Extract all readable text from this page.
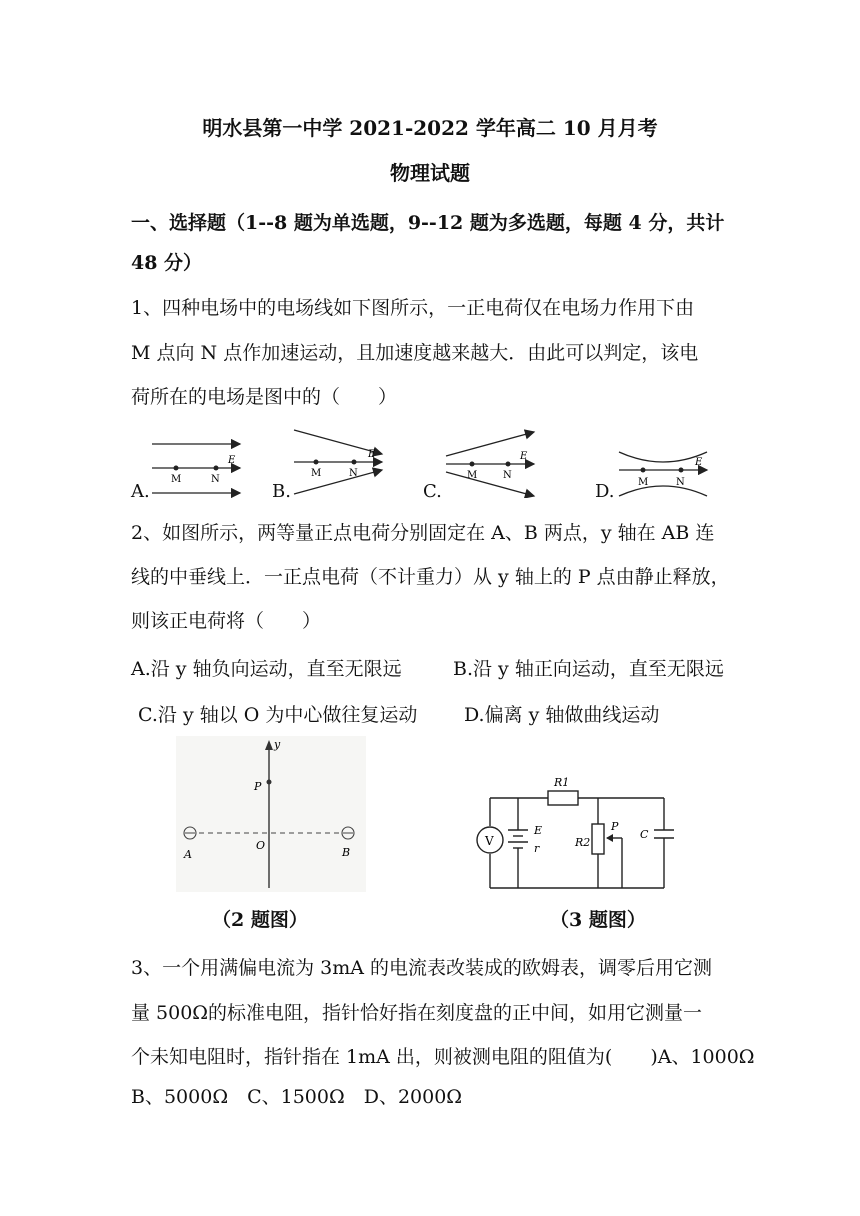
明水县第一中学 2021-2022 学年高二 10 月月考
物理试题
一、选择题（1--8 题为单选题，9--12 题为多选题，每题 4 分，共计
48 分）
1、四种电场中的电场线如下图所示，一正电荷仅在电场力作用下由
M 点向 N 点作加速运动，且加速度越来越大．由此可以判定，该电
荷所在的电场是图中的（　　）
A.
M	N
E
B.
M	N
E
C.
M	N
E
D. M	N
E
2、如图所示，两等量正点电荷分别固定在 A、B 两点，y 轴在 AB 连
线的中垂线上．一正点电荷（不计重力）从 y 轴上的 P 点由静止释放，
则该正电荷将（　　）
A.沿 y 轴负向运动，直至无限远	B.沿 y 轴正向运动，直至无限远
C.沿 y 轴以 O 为中心做往复运动	D.偏离 y 轴做曲线运动
y
P
A
O
B
（2 题图）
R1
V
E
r
P
R2
C
（3 题图）
3、一个用满偏电流为 3mA 的电流表改装成的欧姆表，调零后用它测
量 500Ω的标准电阻，指针恰好指在刻度盘的正中间，如用它测量一
个未知电阻时，指针指在 1mA 出，则被测电阻的阻值为(　　)A、1000Ω
B、5000Ω　C、1500Ω　D、2000Ω
